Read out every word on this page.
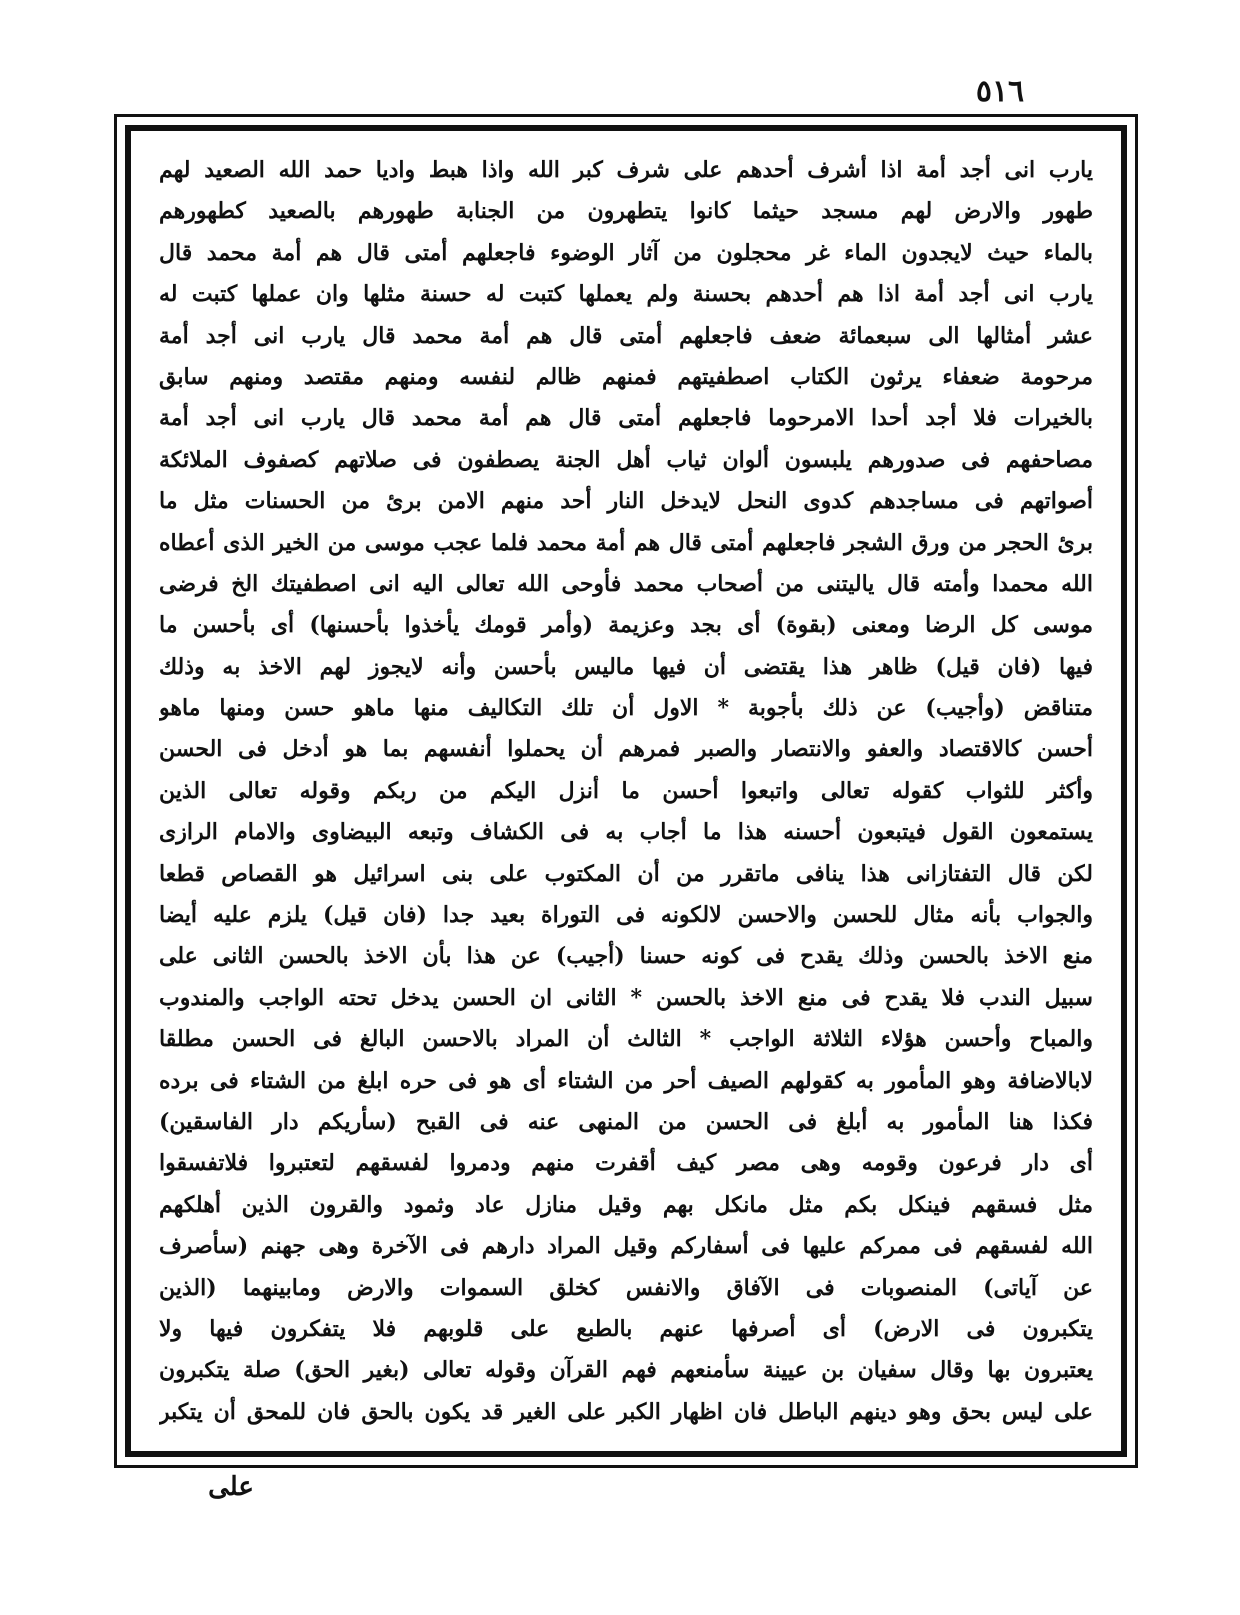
٥١٦
يارب انى أجد أمة اذا أشرف أحدهم على شرف كبر الله واذا هبط واديا حمد الله الصعيد لهم
طهور والارض لهم مسجد حيثما كانوا يتطهرون من الجنابة طهورهم بالصعيد كطهورهم
بالماء حيث لايجدون الماء غر محجلون من آثار الوضوء فاجعلهم أمتى قال هم أمة محمد قال
يارب انى أجد أمة اذا هم أحدهم بحسنة ولم يعملها كتبت له حسنة مثلها وان عملها كتبت له
عشر أمثالها الى سبعمائة ضعف فاجعلهم أمتى قال هم أمة محمد قال يارب انى أجد أمة
مرحومة ضعفاء يرثون الكتاب اصطفيتهم فمنهم ظالم لنفسه ومنهم مقتصد ومنهم سابق
بالخيرات فلا أجد أحدا الامرحوما فاجعلهم أمتى قال هم أمة محمد قال يارب انى أجد أمة
مصاحفهم فى صدورهم يلبسون ألوان ثياب أهل الجنة يصطفون فى صلاتهم كصفوف الملائكة
أصواتهم فى مساجدهم كدوى النحل لايدخل النار أحد منهم الامن برئ من الحسنات مثل ما
برئ الحجر من ورق الشجر فاجعلهم أمتى قال هم أمة محمد فلما عجب موسى من الخير الذى أعطاه
الله محمدا وأمته قال ياليتنى من أصحاب محمد فأوحى الله تعالى اليه انى اصطفيتك الخ فرضى
موسى كل الرضا ومعنى (بقوة) أى بجد وعزيمة (وأمر قومك يأخذوا بأحسنها) أى بأحسن ما
فيها (فان قيل) ظاهر هذا يقتضى أن فيها ماليس بأحسن وأنه لايجوز لهم الاخذ به وذلك
متناقض (وأجيب) عن ذلك بأجوبة * الاول أن تلك التكاليف منها ماهو حسن ومنها ماهو
أحسن كالاقتصاد والعفو والانتصار والصبر فمرهم أن يحملوا أنفسهم بما هو أدخل فى الحسن
وأكثر للثواب كقوله تعالى واتبعوا أحسن ما أنزل اليكم من ربكم وقوله تعالى الذين
يستمعون القول فيتبعون أحسنه هذا ما أجاب به فى الكشاف وتبعه البيضاوى والامام الرازى
لكن قال التفتازانى هذا ينافى ماتقرر من أن المكتوب على بنى اسرائيل هو القصاص قطعا
والجواب بأنه مثال للحسن والاحسن لالكونه فى التوراة بعيد جدا (فان قيل) يلزم عليه أيضا
منع الاخذ بالحسن وذلك يقدح فى كونه حسنا (أجيب) عن هذا بأن الاخذ بالحسن الثانى على
سبيل الندب فلا يقدح فى منع الاخذ بالحسن * الثانى ان الحسن يدخل تحته الواجب والمندوب
والمباح وأحسن هؤلاء الثلاثة الواجب * الثالث أن المراد بالاحسن البالغ فى الحسن مطلقا
لابالاضافة وهو المأمور به كقولهم الصيف أحر من الشتاء أى هو فى حره ابلغ من الشتاء فى برده
فكذا هنا المأمور به أبلغ فى الحسن من المنهى عنه فى القبح (سأريكم دار الفاسقين)
أى دار فرعون وقومه وهى مصر كيف أقفرت منهم ودمروا لفسقهم لتعتبروا فلاتفسقوا
مثل فسقهم فينكل بكم مثل مانكل بهم وقيل منازل عاد وثمود والقرون الذين أهلكهم
الله لفسقهم فى ممركم عليها فى أسفاركم وقيل المراد دارهم فى الآخرة وهى جهنم (سأصرف
عن آياتى) المنصوبات فى الآفاق والانفس كخلق السموات والارض ومابينهما (الذين
يتكبرون فى الارض) أى أصرفها عنهم بالطبع على قلوبهم فلا يتفكرون فيها ولا
يعتبرون بها وقال سفيان بن عيينة سأمنعهم فهم القرآن وقوله تعالى (بغير الحق) صلة يتكبرون
على ليس بحق وهو دينهم الباطل فان اظهار الكبر على الغير قد يكون بالحق فان للمحق أن يتكبر
على
